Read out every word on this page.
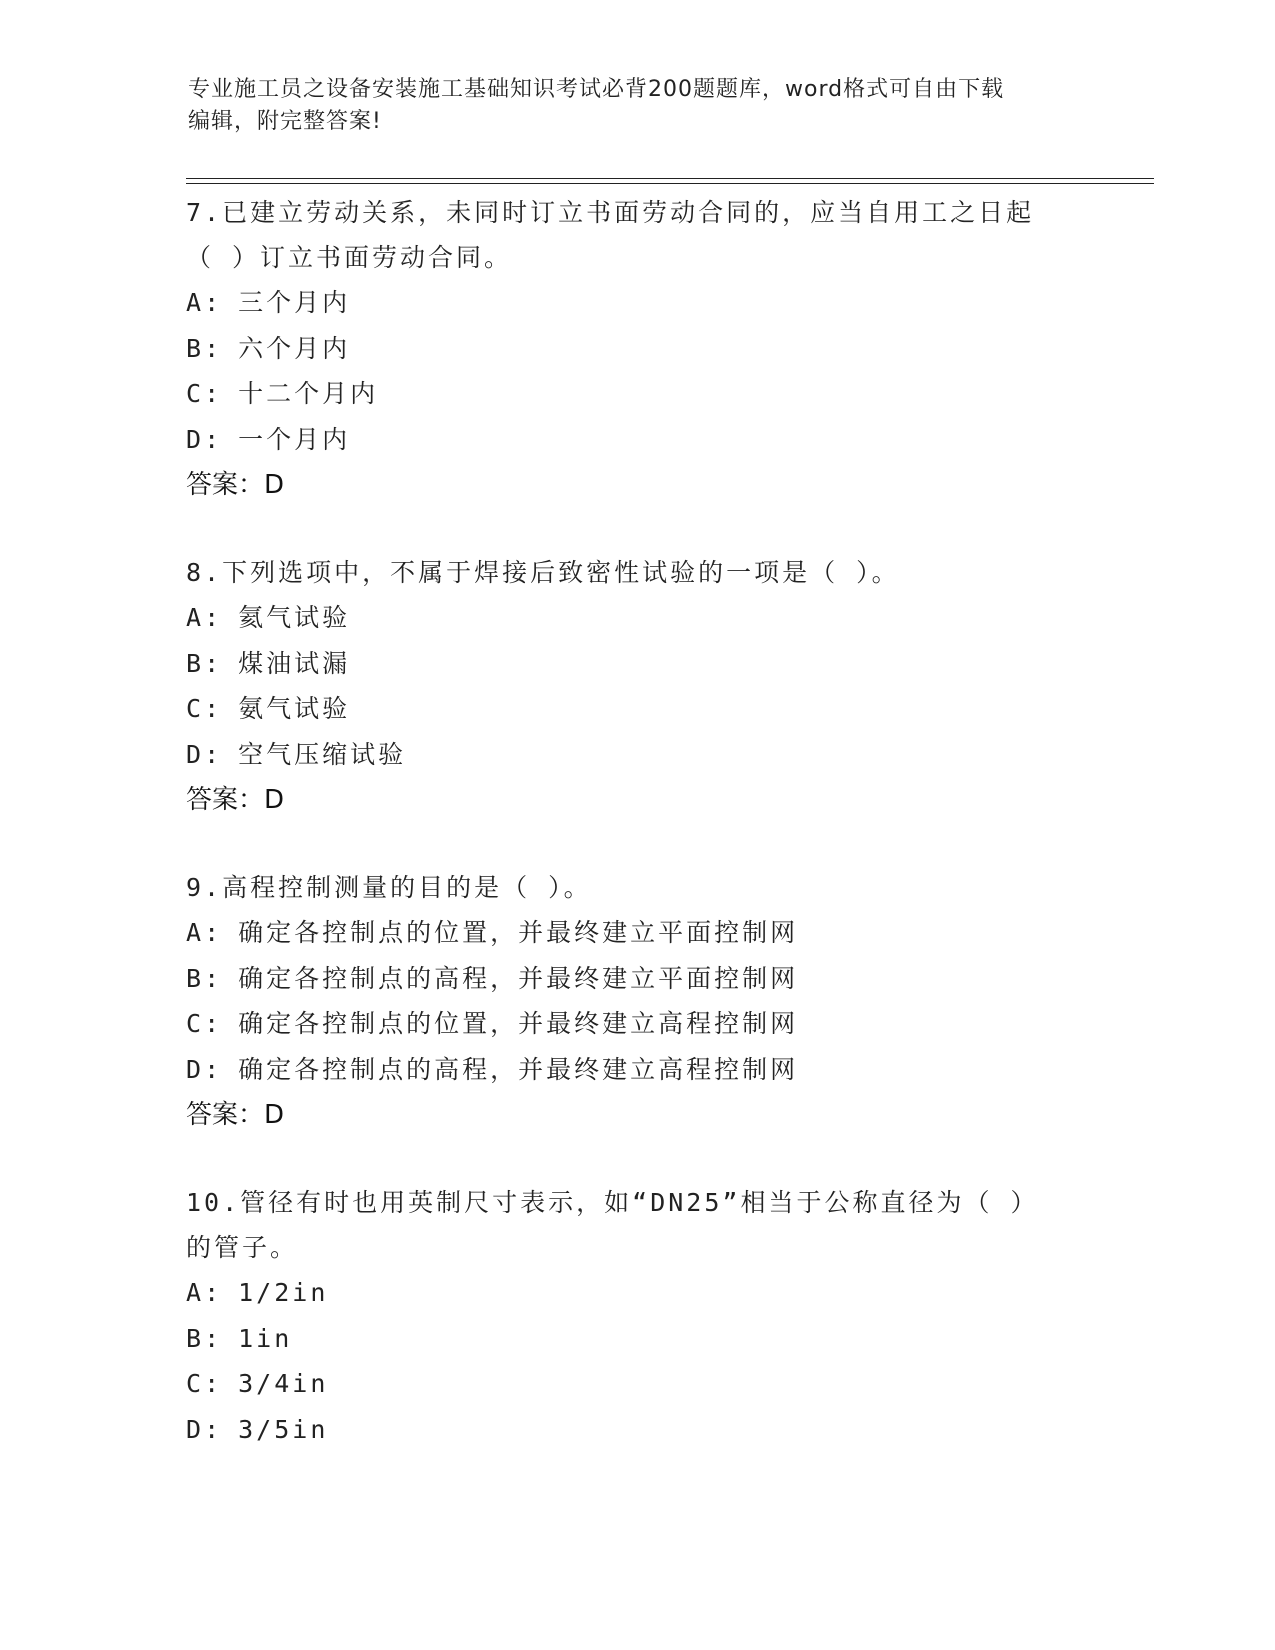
专业施工员之设备安装施工基础知识考试必背200题题库，word格式可自由下载
编辑，附完整答案!
7.已建立劳动关系，未同时订立书面劳动合同的，应当自用工之日起
（ ）订立书面劳动合同。
A : 三个月内
B : 六个月内
C : 十二个月内
D : 一个月内
答案：D
8.下列选项中，不属于焊接后致密性试验的一项是（ ）。
A : 氦气试验
B : 煤油试漏
C : 氨气试验
D : 空气压缩试验
答案：D
9.高程控制测量的目的是（ ）。
A : 确定各控制点的位置，并最终建立平面控制网
B : 确定各控制点的高程，并最终建立平面控制网
C : 确定各控制点的位置，并最终建立高程控制网
D : 确定各控制点的高程，并最终建立高程控制网
答案：D
10.管径有时也用英制尺寸表示，如“DN25”相当于公称直径为（ ）
的管子。
A : 1/2in
B : 1in
C : 3/4in
D : 3/5in
